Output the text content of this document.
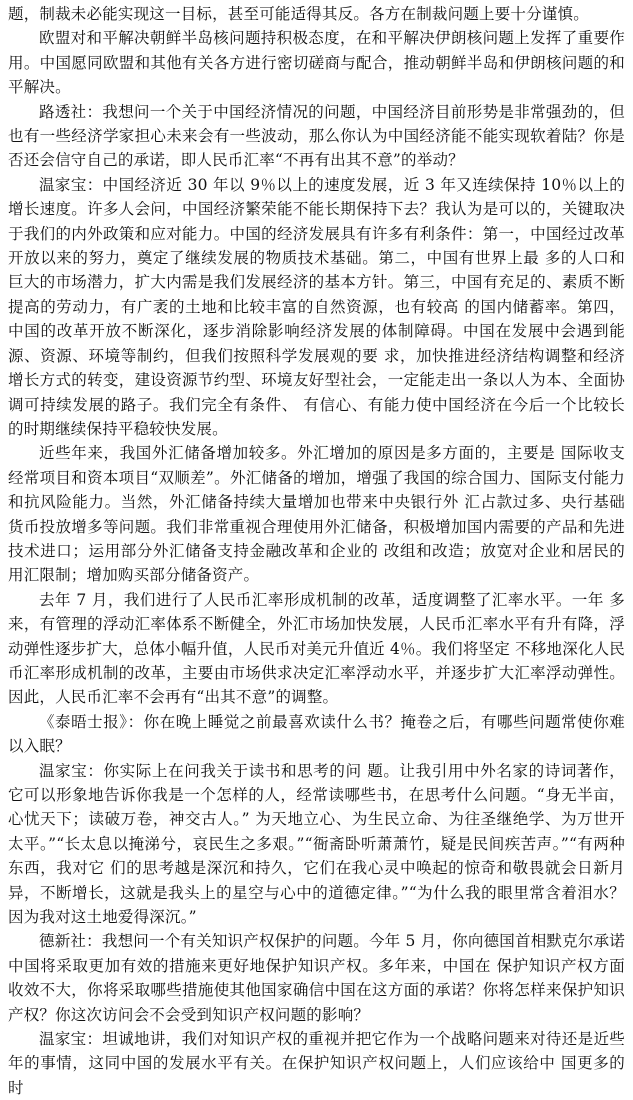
题，制裁未必能实现这一目标，甚至可能适得其反。各方在制裁问题上要十分谨慎。

欧盟对和平解决朝鲜半岛核问题持积极态度，在和平解决伊朗核问题上发挥了重要作用。中国愿同欧盟和其他有关各方进行密切磋商与配合，推动朝鲜半岛和伊朗核问题的和平解决。

路透社：我想问一个关于中国经济情况的问题，中国经济目前形势是非常强劲的，但也有一些经济学家担心未来会有一些波动，那么你认为中国经济能不能实现软着陆？你是否还会信守自己的承诺，即人民币汇率“不再有出其不意”的举动？

温家宝：中国经济近 30 年以 9％以上的速度发展，近 3 年又连续保持 10％以上的增长速度。许多人会问，中国经济繁荣能不能长期保持下去？我认为是可以的，关键取决 于我们的内外政策和应对能力。中国的经济发展具有许多有利条件：第一，中国经过改革开放以来的努力，奠定了继续发展的物质技术基础。第二，中国有世界上最 多的人口和巨大的市场潜力，扩大内需是我们发展经济的基本方针。第三，中国有充足的、素质不断提高的劳动力，有广袤的土地和比较丰富的自然资源，也有较高 的国内储蓄率。第四，中国的改革开放不断深化，逐步消除影响经济发展的体制障碍。中国在发展中会遇到能源、资源、环境等制约，但我们按照科学发展观的要 求，加快推进经济结构调整和经济增长方式的转变，建设资源节约型、环境友好型社会，一定能走出一条以人为本、全面协调可持续发展的路子。我们完全有条件、 有信心、有能力使中国经济在今后一个比较长的时期继续保持平稳较快发展。

近些年来，我国外汇储备增加较多。外汇增加的原因是多方面的，主要是 国际收支经常项目和资本项目“双顺差”。外汇储备的增加，增强了我国的综合国力、国际支付能力和抗风险能力。当然，外汇储备持续大量增加也带来中央银行外 汇占款过多、央行基础货币投放增多等问题。我们非常重视合理使用外汇储备，积极增加国内需要的产品和先进技术进口；运用部分外汇储备支持金融改革和企业的 改组和改造；放宽对企业和居民的用汇限制；增加购买部分储备资产。

去年 7 月，我们进行了人民币汇率形成机制的改革，适度调整了汇率水平。一年 多来，有管理的浮动汇率体系不断健全，外汇市场加快发展，人民币汇率水平有升有降，浮动弹性逐步扩大，总体小幅升值，人民币对美元升值近 4％。我们将坚定 不移地深化人民币汇率形成机制的改革，主要由市场供求决定汇率浮动水平，并逐步扩大汇率浮动弹性。因此，人民币汇率不会再有“出其不意”的调整。

《泰晤士报》：你在晚上睡觉之前最喜欢读什么书？掩卷之后，有哪些问题常使你难以入眠？

温家宝：你实际上在问我关于读书和思考的问 题。让我引用中外名家的诗词著作，它可以形象地告诉你我是一个怎样的人，经常读哪些书，在思考什么问题。“身无半亩，心忧天下；读破万卷，神交古人。” 为天地立心、为生民立命、为往圣继绝学、为万世开太平。”“长太息以掩涕兮，哀民生之多艰。”“衙斋卧听萧萧竹，疑是民间疾苦声。”“有两种东西，我对它 们的思考越是深沉和持久，它们在我心灵中唤起的惊奇和敬畏就会日新月异，不断增长，这就是我头上的星空与心中的道德定律。”“为什么我的眼里常含着泪水？ 因为我对这土地爱得深沉。”

德新社：我想问一个有关知识产权保护的问题。今年 5 月，你向德国首相默克尔承诺中国将采取更加有效的措施来更好地保护知识产权。多年来，中国在 保护知识产权方面收效不大，你将采取哪些措施使其他国家确信中国在这方面的承诺？你将怎样来保护知识产权？你这次访问会不会受到知识产权问题的影响？

温家宝：坦诚地讲，我们对知识产权的重视并把它作为一个战略问题来对待还是近些年的事情，这同中国的发展水平有关。在保护知识产权问题上，人们应该给中 国更多的时
